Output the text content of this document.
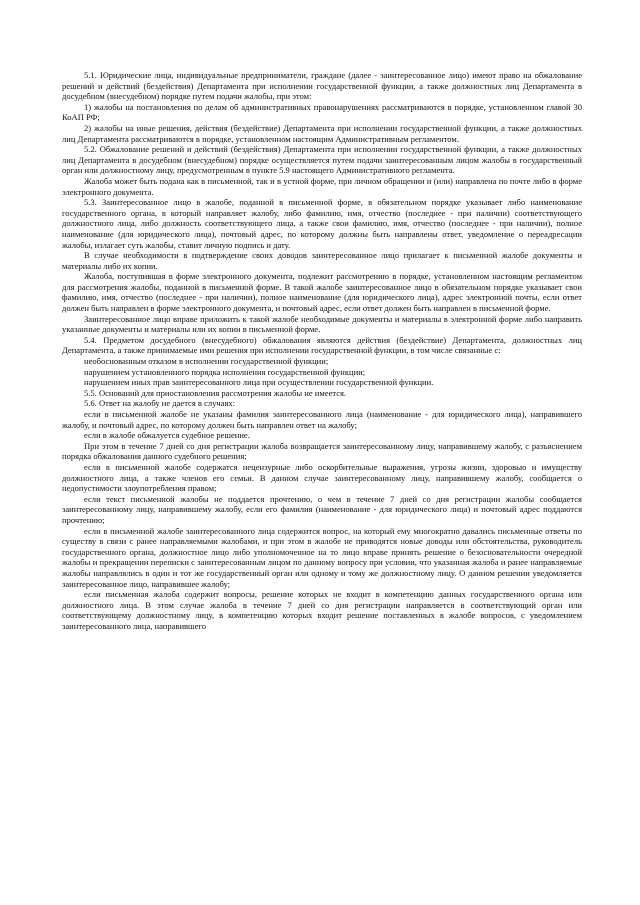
5.1. Юридические лица, индивидуальные предприниматели, граждане (далее - заинтересованное лицо) имеют право на обжалование решений и действий (бездействия) Департамента при исполнении государственной функции, а также должностных лиц Департамента в досудебном (внесудебном) порядке путем подачи жалобы, при этом:

1) жалобы на постановления по делам об административных правонарушениях рассматриваются в порядке, установленном главой 30 КоАП РФ;

2) жалобы на иные решения, действия (бездействие) Департамента при исполнении государственной функции, а также должностных лиц Департамента рассматриваются в порядке, установленном настоящим Административным регламентом.

5.2. Обжалование решений и действий (бездействия) Департамента при исполнении государственной функции, а также должностных лиц Департамента в досудебном (внесудебном) порядке осуществляется путем подачи заинтересованным лицом жалобы в государственный орган или должностному лицу, предусмотренным в пункте 5.9 настоящего Административного регламента.

Жалоба может быть подана как в письменной, так и в устной форме, при личном обращении и (или) направлена по почте либо в форме электронного документа.

5.3. Заинтересованное лицо в жалобе, поданной в письменной форме, в обязательном порядке указывает либо наименование государственного органа, в который направляет жалобу, либо фамилию, имя, отчество (последнее - при наличии) соответствующего должностного лица, либо должность соответствующего лица, а также свои фамилию, имя, отчество (последнее - при наличии), полное наименование (для юридического лица), почтовый адрес, по которому должны быть направлены ответ, уведомление о переадресации жалобы, излагает суть жалобы, ставит личную подпись и дату.

В случае необходимости в подтверждение своих доводов заинтересованное лицо прилагает к письменной жалобе документы и материалы либо их копии.

Жалоба, поступившая в форме электронного документа, подлежит рассмотрению в порядке, установленном настоящим регламентом для рассмотрения жалобы, поданной в письменной форме. В такой жалобе заинтересованное лицо в обязательном порядке указывает свои фамилию, имя, отчество (последнее - при наличии), полное наименование (для юридического лица), адрес электронной почты, если ответ должен быть направлен в форме электронного документа, и почтовый адрес, если ответ должен быть направлен в письменной форме.

Заинтересованное лицо вправе приложить к такой жалобе необходимые документы и материалы в электронной форме либо направить указанные документы и материалы или их копии в письменной форме.

5.4. Предметом досудебного (внесудебного) обжалования являются действия (бездействие) Департамента, должностных лиц Департамента, а также принимаемые ими решения при исполнении государственной функции, в том числе связанные с:

необоснованным отказом в исполнении государственной функции;

нарушением установленного порядка исполнения государственной функции;

нарушением иных прав заинтересованного лица при осуществлении государственной функции.

5.5. Оснований для приостановления рассмотрения жалобы не имеется.

5.6. Ответ на жалобу не дается в случаях:

если в письменной жалобе не указаны фамилия заинтересованного лица (наименование - для юридического лица), направившего жалобу, и почтовый адрес, по которому должен быть направлен ответ на жалобу;

если в жалобе обжалуется судебное решение.

При этом в течение 7 дней со дня регистрации жалоба возвращается заинтересованному лицу, направившему жалобу, с разъяснением порядка обжалования данного судебного решения;

если в письменной жалобе содержатся нецензурные либо оскорбительные выражения, угрозы жизни, здоровью и имуществу должностного лица, а также членов его семьи. В данном случае заинтересованному лицу, направившему жалобу, сообщается о недопустимости злоупотребления правом;

если текст письменной жалобы не поддается прочтению, о чем в течение 7 дней со дня регистрации жалобы сообщается заинтересованному лицу, направившему жалобу, если его фамилия (наименование - для юридического лица) и почтовый адрес поддаются прочтению;

если в письменной жалобе заинтересованного лица содержится вопрос, на который ему многократно давались письменные ответы по существу в связи с ранее направляемыми жалобами, и при этом в жалобе не приводятся новые доводы или обстоятельства, руководитель государственного органа, должностное лицо либо уполномоченное на то лицо вправе принять решение о безосновательности очередной жалобы и прекращении переписки с заинтересованным лицом по данному вопросу при условии, что указанная жалоба и ранее направляемые жалобы направлялись в один и тот же государственный орган или одному и тому же должностному лицу. О данном решении уведомляется заинтересованное лицо, направившее жалобу;

если письменная жалоба содержит вопросы, решение которых не входит в компетенцию данных государственного органа или должностного лица. В этом случае жалоба в течение 7 дней со дня регистрации направляется в соответствующий орган или соответствующему должностному лицу, в компетенцию которых входит решение поставленных в жалобе вопросов, с уведомлением заинтересованного лица, направившего
